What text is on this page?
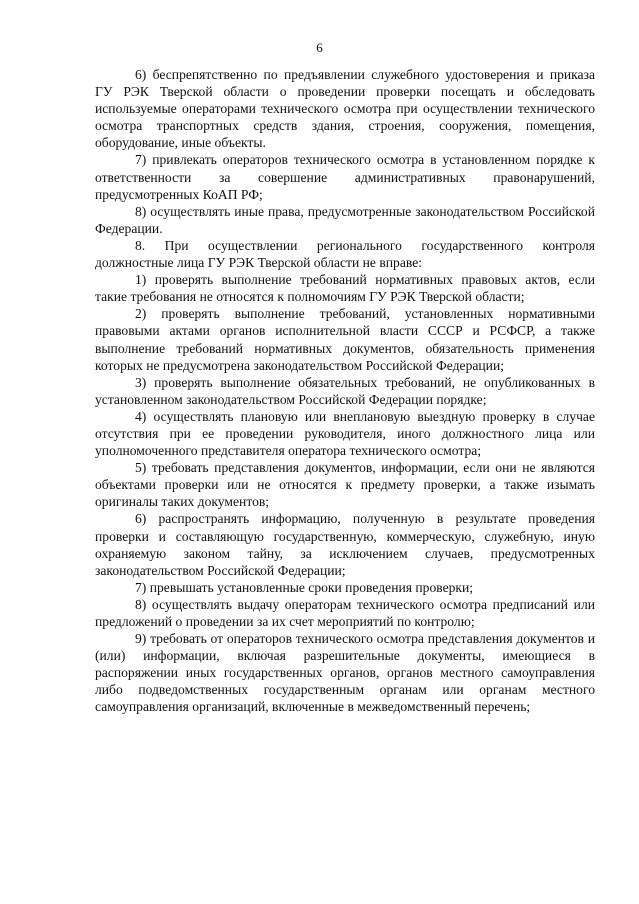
6

6) беспрепятственно по предъявлении служебного удостоверения и приказа ГУ РЭК Тверской области о проведении проверки посещать и обследовать используемые операторами технического осмотра при осуществлении технического осмотра транспортных средств здания, строения, сооружения, помещения, оборудование, иные объекты.

7) привлекать операторов технического осмотра в установленном порядке к ответственности за совершение административных правонарушений, предусмотренных КоАП РФ;

8) осуществлять иные права, предусмотренные законодательством Российской Федерации.

8. При осуществлении регионального государственного контроля должностные лица ГУ РЭК Тверской области не вправе:

1) проверять выполнение требований нормативных правовых актов, если такие требования не относятся к полномочиям ГУ РЭК Тверской области;

2) проверять выполнение требований, установленных нормативными правовыми актами органов исполнительной власти СССР и РСФСР, а также выполнение требований нормативных документов, обязательность применения которых не предусмотрена законодательством Российской Федерации;

3) проверять выполнение обязательных требований, не опубликованных в установленном законодательством Российской Федерации порядке;

4) осуществлять плановую или внеплановую выездную проверку в случае отсутствия при ее проведении руководителя, иного должностного лица или уполномоченного представителя оператора технического осмотра;

5) требовать представления документов, информации, если они не являются объектами проверки или не относятся к предмету проверки, а также изымать оригиналы таких документов;

6) распространять информацию, полученную в результате проведения проверки и составляющую государственную, коммерческую, служебную, иную охраняемую законом тайну, за исключением случаев, предусмотренных законодательством Российской Федерации;

7) превышать установленные сроки проведения проверки;

8) осуществлять выдачу операторам технического осмотра предписаний или предложений о проведении за их счет мероприятий по контролю;

9) требовать от операторов технического осмотра представления документов и (или) информации, включая разрешительные документы, имеющиеся в распоряжении иных государственных органов, органов местного самоуправления либо подведомственных государственным органам или органам местного самоуправления организаций, включенные в межведомственный перечень;
